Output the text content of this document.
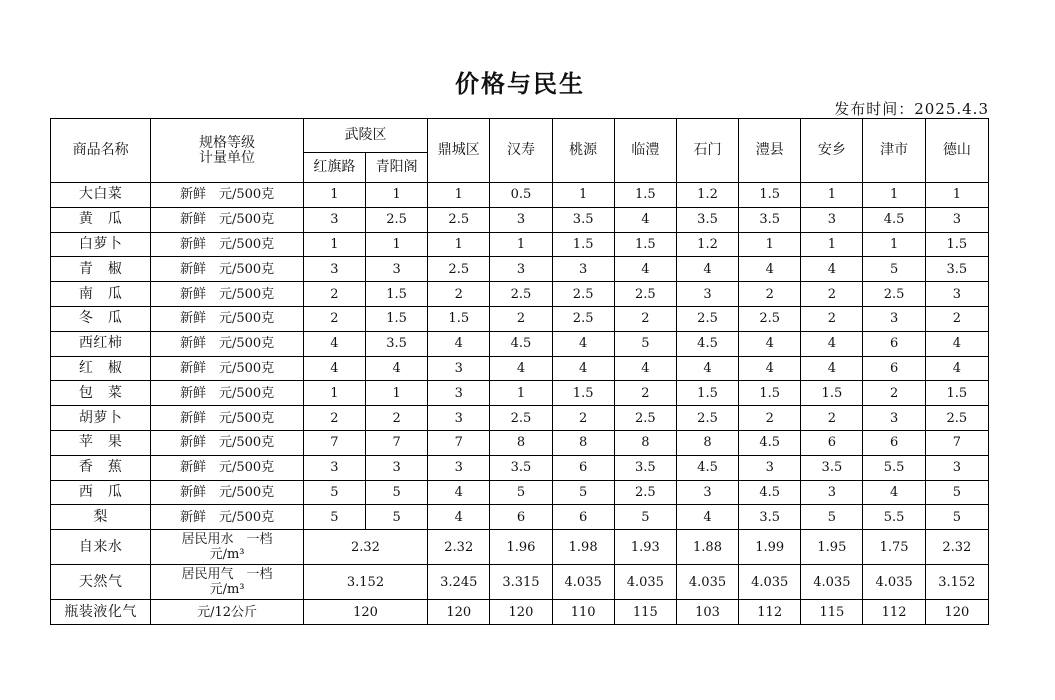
价格与民生
发布时间：2025.4.3
商品名称	规格等级
计量单位	武陵区		鼎城区	汉寿	桃源	临澧	石门	澧县	安乡	津市	德山
		红旗路	青阳阁									
大白菜	新鲜　元/500克	1	1	1	0.5	1	1.5	1.2	1.5	1	1	1
黄　瓜	新鲜　元/500克	3	2.5	2.5	3	3.5	4	3.5	3.5	3	4.5	3
白萝卜	新鲜　元/500克	1	1	1	1	1.5	1.5	1.2	1	1	1	1.5
青　椒	新鲜　元/500克	3	3	2.5	3	3	4	4	4	4	5	3.5
南　瓜	新鲜　元/500克	2	1.5	2	2.5	2.5	2.5	3	2	2	2.5	3
冬　瓜	新鲜　元/500克	2	1.5	1.5	2	2.5	2	2.5	2.5	2	3	2
西红柿	新鲜　元/500克	4	3.5	4	4.5	4	5	4.5	4	4	6	4
红　椒	新鲜　元/500克	4	4	3	4	4	4	4	4	4	6	4
包　菜	新鲜　元/500克	1	1	3	1	1.5	2	1.5	1.5	1.5	2	1.5
胡萝卜	新鲜　元/500克	2	2	3	2.5	2	2.5	2.5	2	2	3	2.5
苹　果	新鲜　元/500克	7	7	7	8	8	8	8	4.5	6	6	7
香　蕉	新鲜　元/500克	3	3	3	3.5	6	3.5	4.5	3	3.5	5.5	3
西　瓜	新鲜　元/500克	5	5	4	5	5	2.5	3	4.5	3	4	5
梨	新鲜　元/500克	5	5	4	6	6	5	4	3.5	5	5.5	5
自来水	居民用水　一档
元/m³	2.32		2.32	1.96	1.98	1.93	1.88	1.99	1.95	1.75	2.32
天然气	居民用气　一档
元/m³	3.152		3.245	3.315	4.035	4.035	4.035	4.035	4.035	4.035	3.152
瓶装液化气	元/12公斤	120		120	120	110	115	103	112	115	112	120
